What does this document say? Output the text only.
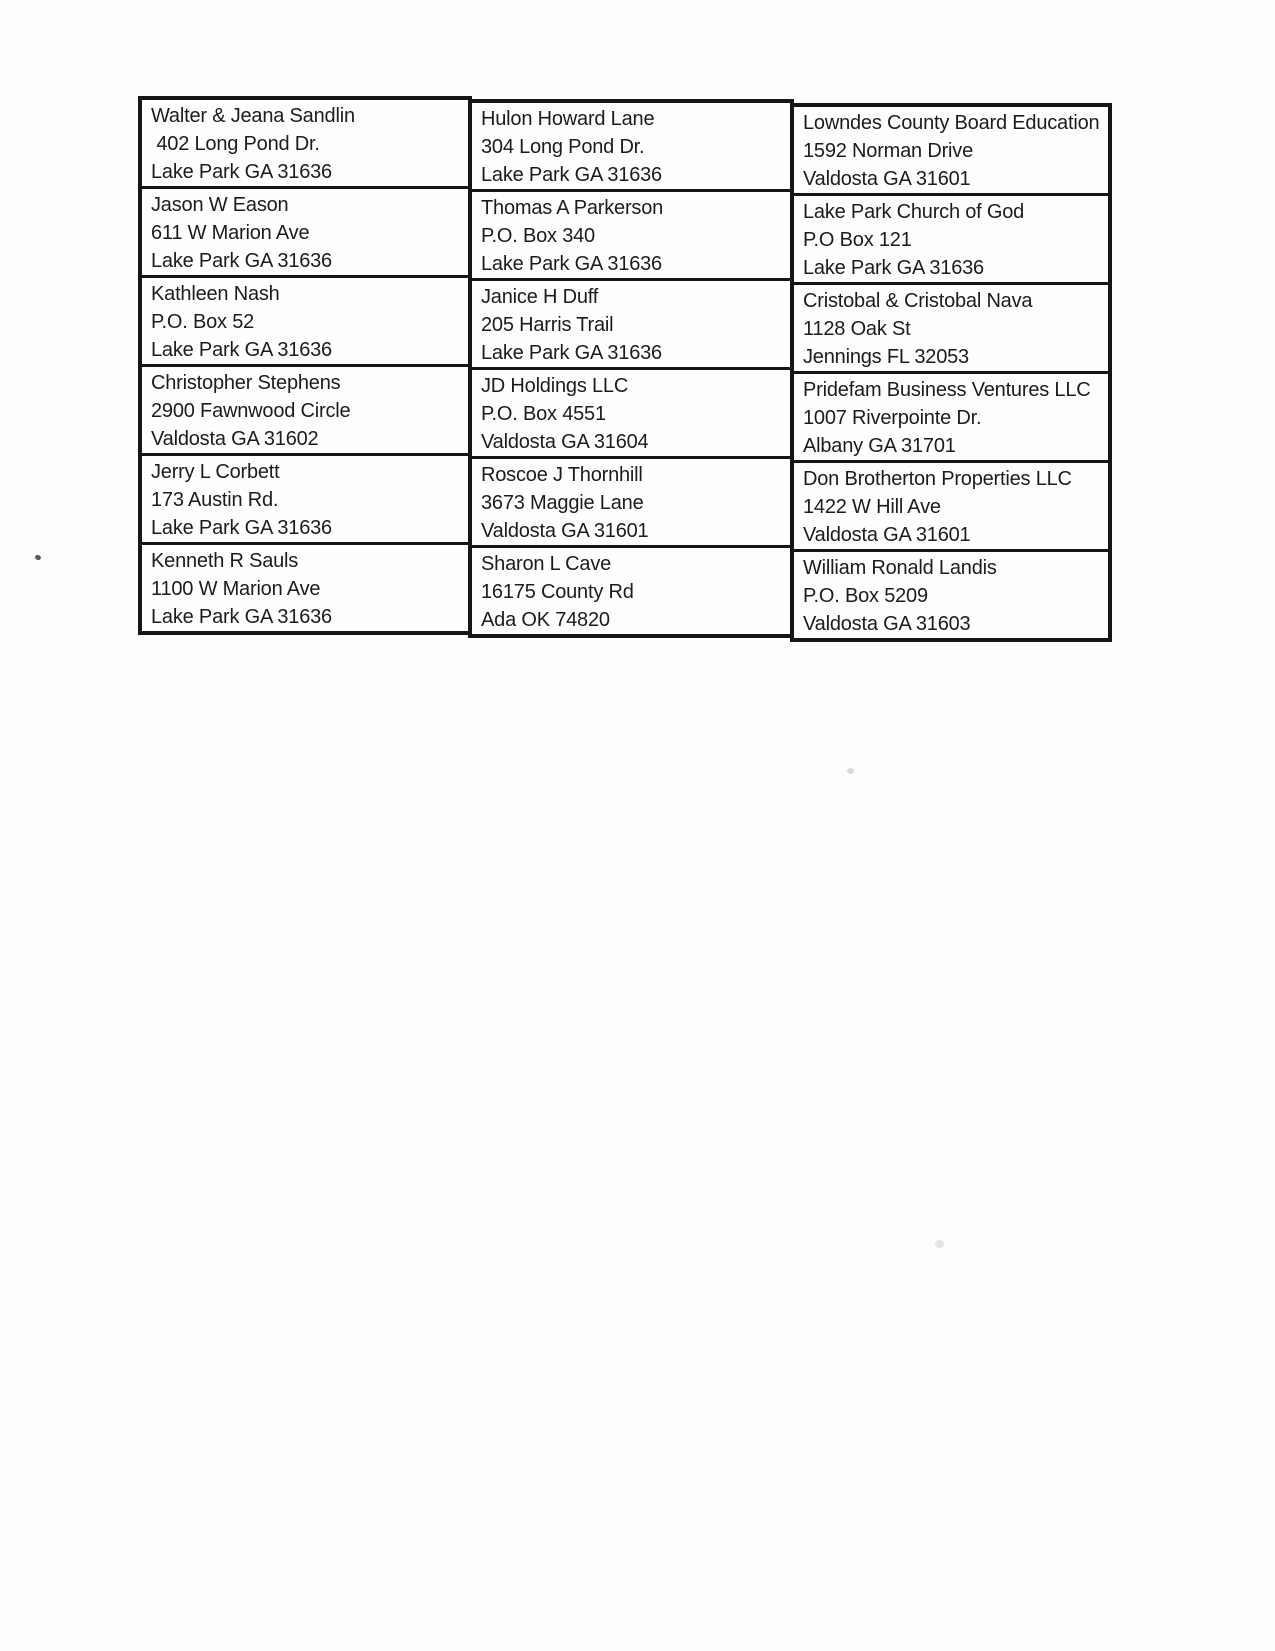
Walter & Jeana Sandlin
402 Long Pond Dr.
Lake Park GA 31636
Jason W Eason
611 W Marion Ave
Lake Park GA 31636
Kathleen Nash
P.O. Box 52
Lake Park GA 31636
Christopher Stephens
2900 Fawnwood Circle
Valdosta GA 31602
Jerry L Corbett
173 Austin Rd.
Lake Park GA 31636
Kenneth R Sauls
1100 W Marion Ave
Lake Park GA 31636
Hulon Howard Lane
304 Long Pond Dr.
Lake Park GA 31636
Thomas A Parkerson
P.O. Box 340
Lake Park GA 31636
Janice H Duff
205 Harris Trail
Lake Park GA 31636
JD Holdings LLC
P.O. Box 4551
Valdosta GA 31604
Roscoe J Thornhill
3673 Maggie Lane
Valdosta GA 31601
Sharon L Cave
16175 County Rd
Ada OK 74820
Lowndes County Board Education
1592 Norman Drive
Valdosta GA 31601
Lake Park Church of God
P.O Box 121
Lake Park GA 31636
Cristobal & Cristobal Nava
1128 Oak St
Jennings FL 32053
Pridefam Business Ventures LLC
1007 Riverpointe Dr.
Albany GA 31701
Don Brotherton Properties LLC
1422 W Hill Ave
Valdosta GA 31601
William Ronald Landis
P.O. Box 5209
Valdosta GA 31603
